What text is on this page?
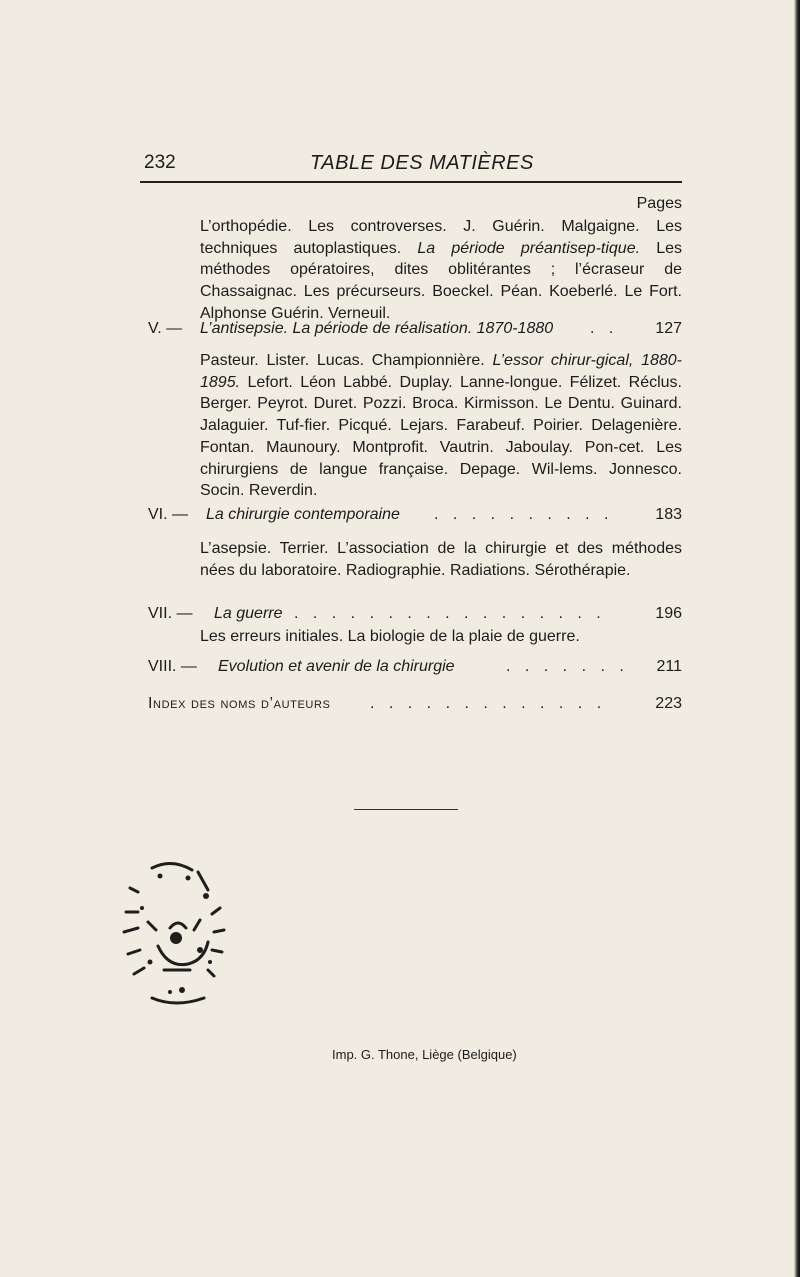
232	TABLE DES MATIÈRES
Pages
L’orthopédie. Les controverses. J. Guérin. Malgaigne. Les techniques autoplastiques. La période préantisep-tique. Les méthodes opératoires, dites oblitérantes ; l’écraseur de Chassaignac. Les précurseurs. Boeckel. Péan. Koeberlé. Le Fort. Alphonse Guérin. Verneuil.
V. — L’antisepsie. La période de réalisation. 1870-1880 . . 127
Pasteur. Lister. Lucas. Championnière. L’essor chirur-gical, 1880-1895. Lefort. Léon Labbé. Duplay. Lanne-longue. Félizet. Réclus. Berger. Peyrot. Duret. Pozzi. Broca. Kirmisson. Le Dentu. Guinard. Jalaguier. Tuf-fier. Picqué. Lejars. Farabeuf. Poirier. Delagenière. Fontan. Maunoury. Montprofit. Vautrin. Jaboulay. Pon-cet. Les chirurgiens de langue française. Depage. Wil-lems. Jonnesco. Socin. Reverdin.
VI. — La chirurgie contemporaine . . . . . . . . . .	183
L’asepsie. Terrier. L’association de la chirurgie et des méthodes nées du laboratoire. Radiographie. Radiations. Sérothérapie.
VII. — La guerre . . . . . . . . . . . . . . . . .	196
Les erreurs initiales. La biologie de la plaie de guerre.
VIII. — Evolution et avenir de la chirurgie	. . . . . . . 211
Index des noms d’auteurs . . . . . . . . . . . . .	223
Imp. G. Thone, Liège (Belgique)
